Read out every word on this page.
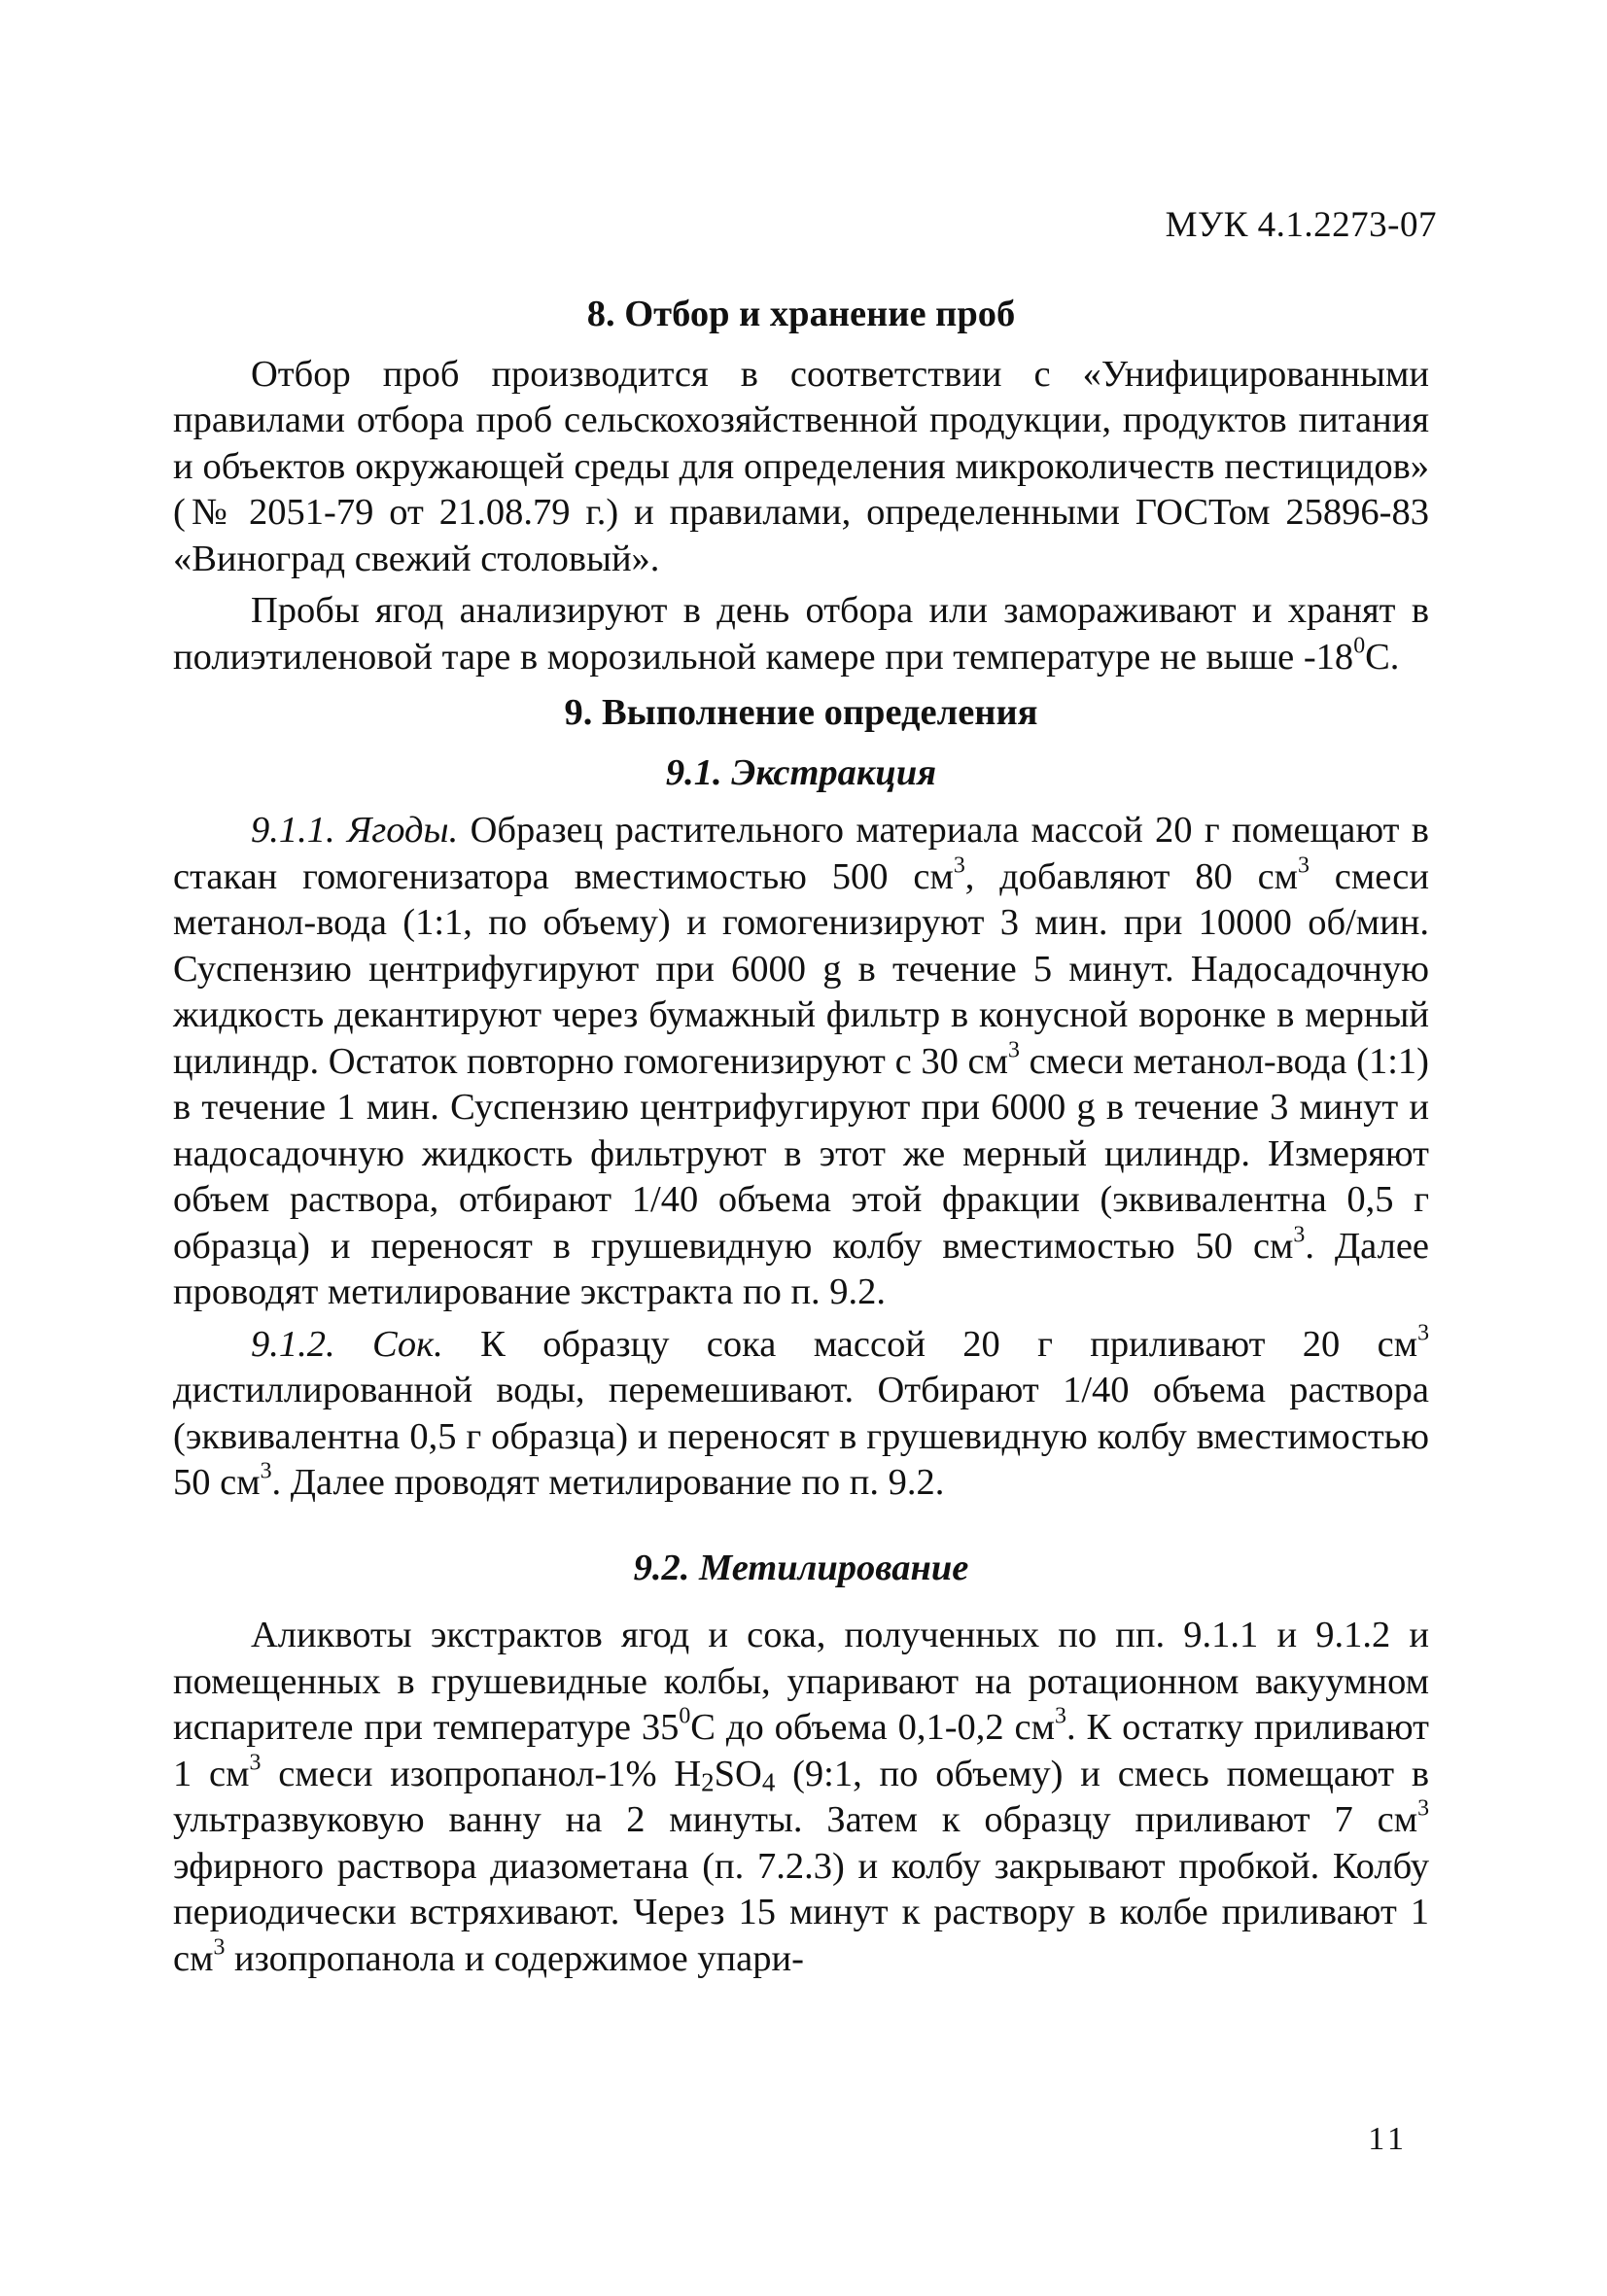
МУК 4.1.2273-07
8. Отбор и хранение проб

Отбор проб производится в соответствии с «Унифицированными правилами отбора проб сельскохозяйственной продукции, продуктов питания и объектов окружающей среды для определения микроколичеств пестицидов» (№ 2051-79 от 21.08.79 г.) и правилами, определенными ГОСТом 25896-83 «Виноград свежий столовый».

Пробы ягод анализируют в день отбора или замораживают и хранят в полиэтиленовой таре в морозильной камере при температуре не выше $-18^0С$.

9. Выполнение определения
9.1. Экстракция

9.1.1. Ягоды. Образец растительного материала массой 20 г помещают в стакан гомогенизатора вместимостью 500 $см^3$, добавляют 80 $см^3$ смеси метанол-вода (1:1, по объему) и гомогенизируют 3 мин. при 10000 об/мин. Суспензию центрифугируют при 6000 g в течение 5 минут. Надосадочную жидкость декантируют через бумажный фильтр в конусной воронке в мерный цилиндр. Остаток повторно гомогенизируют с 30 $см^3$ смеси метанол-вода (1:1) в течение 1 мин. Суспензию центрифугируют при 6000 g в течение 3 минут и надосадочную жидкость фильтруют в этот же мерный цилиндр. Измеряют объем раствора, отбирают 1/40 объема этой фракции (эквивалентна 0,5 г образца) и переносят в грушевидную колбу вместимостью 50 $см^3$. Далее проводят метилирование экстракта по п. 9.2.

9.1.2. Сок. К образцу сока массой 20 г приливают 20 $см^3$ дистиллированной воды, перемешивают. Отбирают 1/40 объема раствора (эквивалентна 0,5 г образца) и переносят в грушевидную колбу вместимостью 50 $см^3$. Далее проводят метилирование по п. 9.2.

9.2. Метилирование

Аликвоты экстрактов ягод и сока, полученных по пп. 9.1.1 и 9.1.2 и помещенных в грушевидные колбы, упаривают на ротационном вакуумном испарителе при температуре $35^0С$ до объема 0,1-0,2 $см^3$. К остатку приливают 1 $см^3$ смеси изопропанол-1% $H_2SO_4$ (9:1, по объему) и смесь помещают в ультразвуковую ванну на 2 минуты. Затем к образцу приливают 7 $см^3$ эфирного раствора диазометана (п. 7.2.3) и колбу закрывают пробкой. Колбу периодически встряхивают. Через 15 минут к раствору в колбе приливают 1 $см^3$ изопропанола и содержимое упари-

11
